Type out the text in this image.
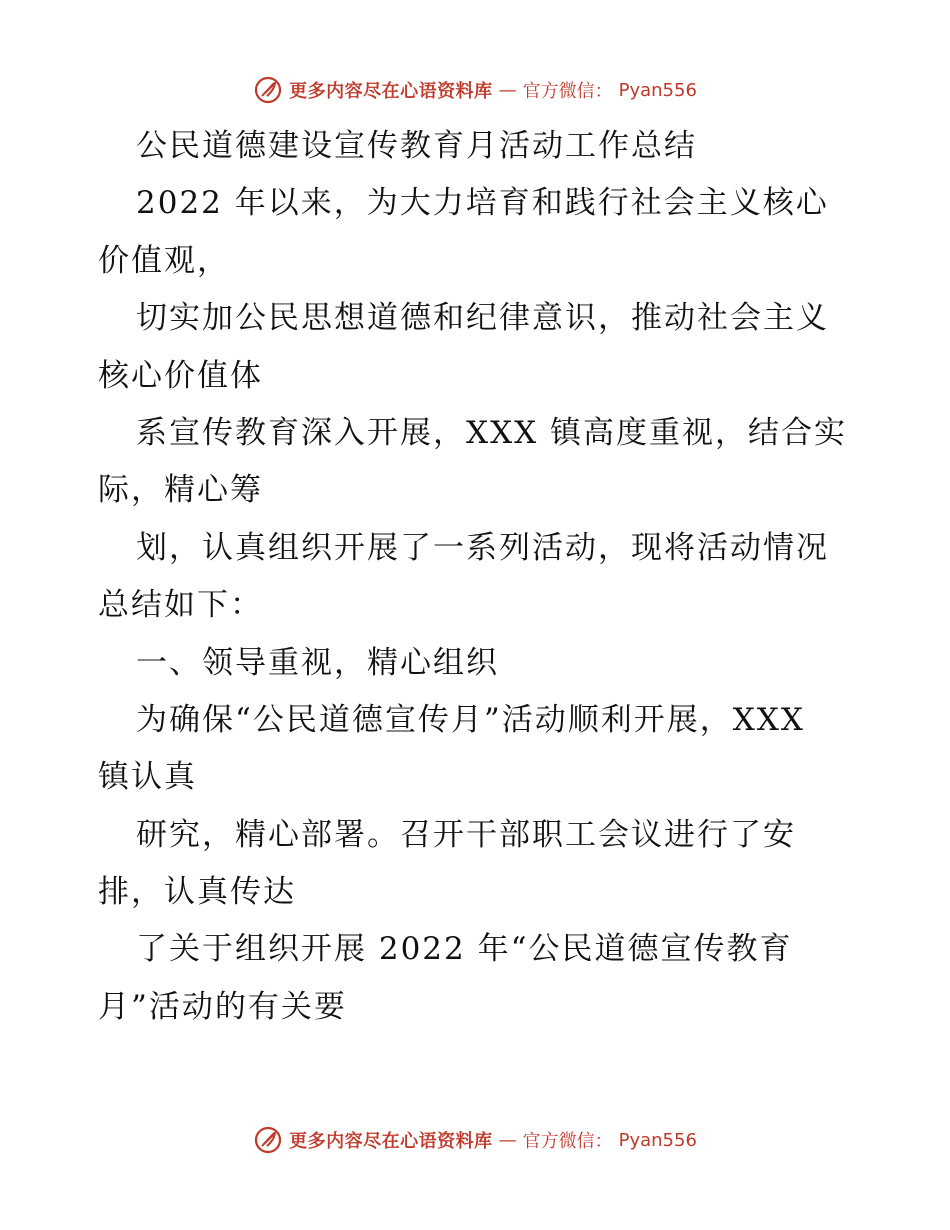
更多内容尽在心语资料库 — 官方微信： Pyan556
公民道德建设宣传教育月活动工作总结
2022 年以来，为大力培育和践行社会主义核心
价值观，
切实加公民思想道德和纪律意识，推动社会主义
核心价值体
系宣传教育深入开展，XXX 镇高度重视，结合实
际，精心筹
划，认真组织开展了一系列活动，现将活动情况
总结如下：
一、领导重视，精心组织
为确保“公民道德宣传月”活动顺利开展，XXX
镇认真
研究，精心部署。召开干部职工会议进行了安
排，认真传达
了关于组织开展 2022 年“公民道德宣传教育
月”活动的有关要
更多内容尽在心语资料库 — 官方微信： Pyan556
